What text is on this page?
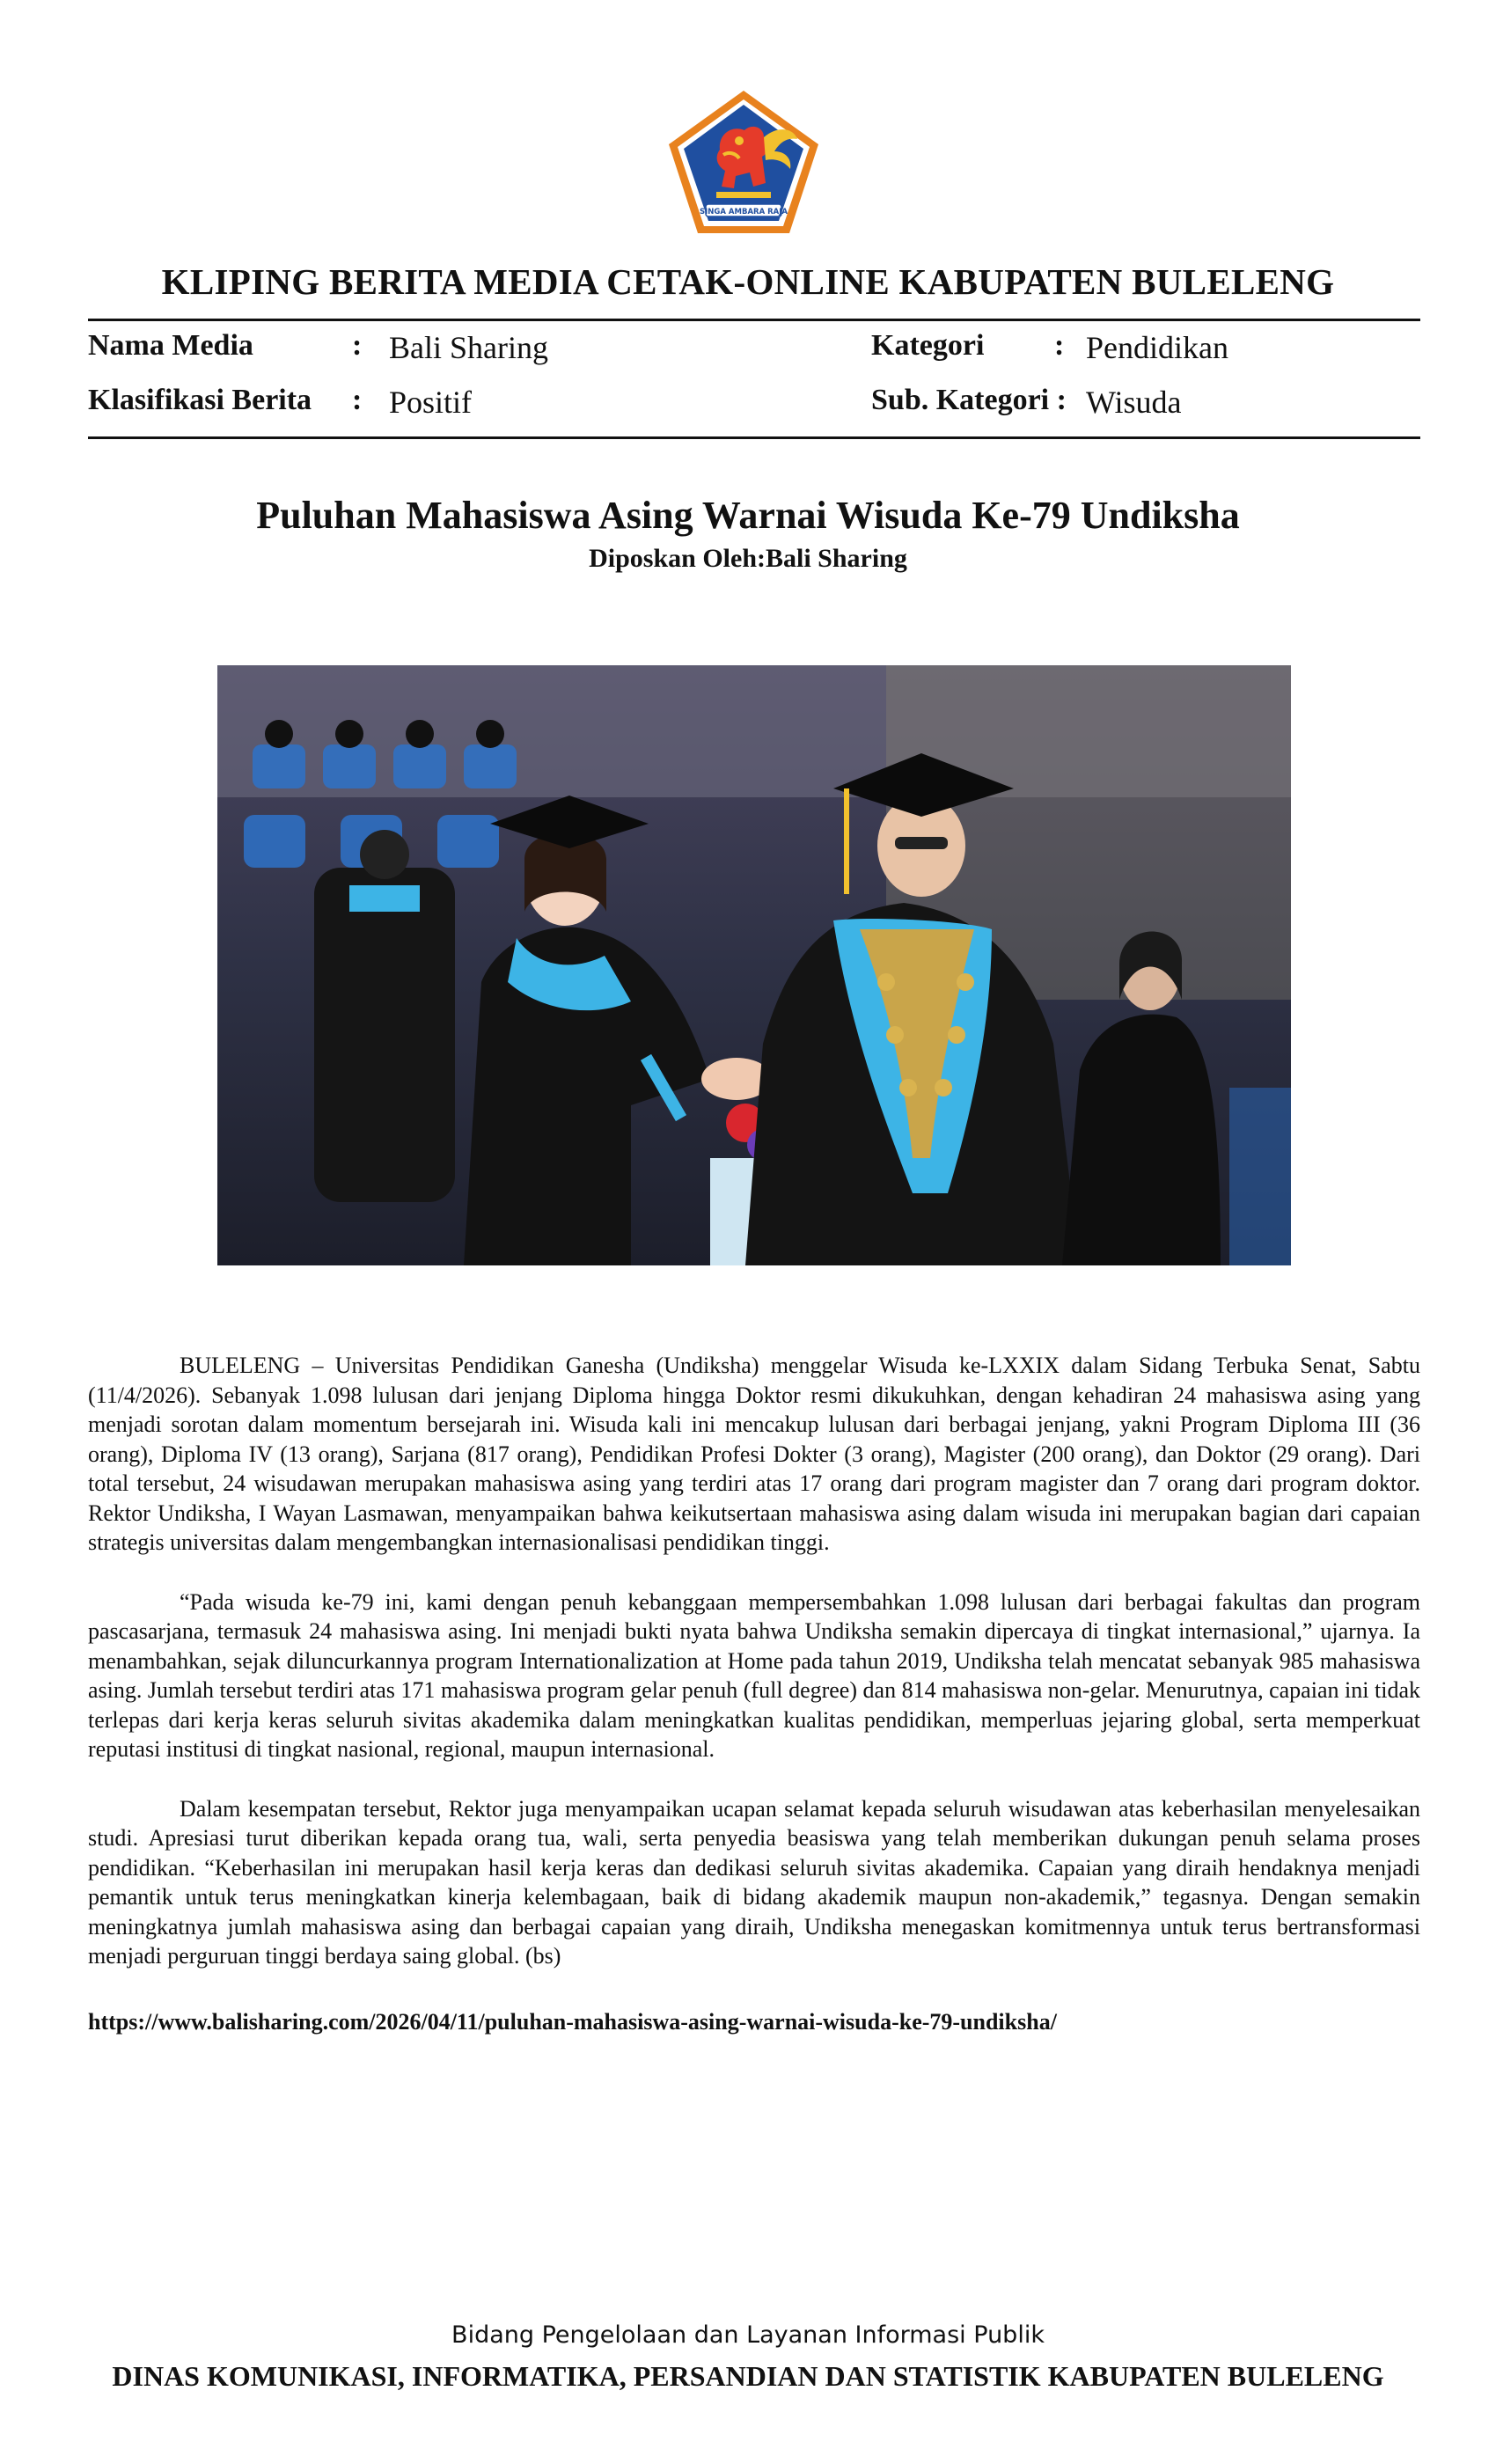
SINGA AMBARA RAJA
KLIPING BERITA MEDIA CETAK-ONLINE KABUPATEN BULELENG
Nama Media	: Bali Sharing	Kategori : Pendidikan
Klasifikasi Berita : Positif	Sub. Kategori : Wisuda
Puluhan Mahasiswa Asing Warnai Wisuda Ke-79 Undiksha
Diposkan Oleh:Bali Sharing

BULELENG – Universitas Pendidikan Ganesha (Undiksha) menggelar Wisuda ke-LXXIX dalam Sidang Terbuka Senat, Sabtu (11/4/2026). Sebanyak 1.098 lulusan dari jenjang Diploma hingga Doktor resmi dikukuhkan, dengan kehadiran 24 mahasiswa asing yang menjadi sorotan dalam momentum bersejarah ini. Wisuda kali ini mencakup lulusan dari berbagai jenjang, yakni Program Diploma III (36 orang), Diploma IV (13 orang), Sarjana (817 orang), Pendidikan Profesi Dokter (3 orang), Magister (200 orang), dan Doktor (29 orang). Dari total tersebut, 24 wisudawan merupakan mahasiswa asing yang terdiri atas 17 orang dari program magister dan 7 orang dari program doktor. Rektor Undiksha, I Wayan Lasmawan, menyampaikan bahwa keikutsertaan mahasiswa asing dalam wisuda ini merupakan bagian dari capaian strategis universitas dalam mengembangkan internasionalisasi pendidikan tinggi.

“Pada wisuda ke-79 ini, kami dengan penuh kebanggaan mempersembahkan 1.098 lulusan dari berbagai fakultas dan program pascasarjana, termasuk 24 mahasiswa asing. Ini menjadi bukti nyata bahwa Undiksha semakin dipercaya di tingkat internasional,” ujarnya. Ia menambahkan, sejak diluncurkannya program Internationalization at Home pada tahun 2019, Undiksha telah mencatat sebanyak 985 mahasiswa asing. Jumlah tersebut terdiri atas 171 mahasiswa program gelar penuh (full degree) dan 814 mahasiswa non-gelar. Menurutnya, capaian ini tidak terlepas dari kerja keras seluruh sivitas akademika dalam meningkatkan kualitas pendidikan, memperluas jejaring global, serta memperkuat reputasi institusi di tingkat nasional, regional, maupun internasional.

Dalam kesempatan tersebut, Rektor juga menyampaikan ucapan selamat kepada seluruh wisudawan atas keberhasilan menyelesaikan studi. Apresiasi turut diberikan kepada orang tua, wali, serta penyedia beasiswa yang telah memberikan dukungan penuh selama proses pendidikan. “Keberhasilan ini merupakan hasil kerja keras dan dedikasi seluruh sivitas akademika. Capaian yang diraih hendaknya menjadi pemantik untuk terus meningkatkan kinerja kelembagaan, baik di bidang akademik maupun non-akademik,” tegasnya. Dengan semakin meningkatnya jumlah mahasiswa asing dan berbagai capaian yang diraih, Undiksha menegaskan komitmennya untuk terus bertransformasi menjadi perguruan tinggi berdaya saing global. (bs)

https://www.balisharing.com/2026/04/11/puluhan-mahasiswa-asing-warnai-wisuda-ke-79-undiksha/
Bidang Pengelolaan dan Layanan Informasi Publik
DINAS KOMUNIKASI, INFORMATIKA, PERSANDIAN DAN STATISTIK KABUPATEN BULELENG
